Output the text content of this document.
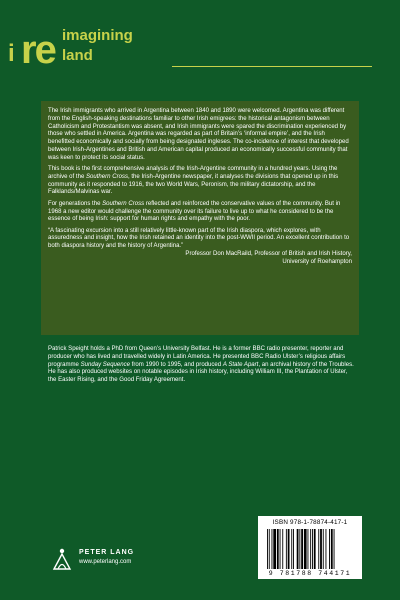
i re imagining
land

The Irish immigrants who arrived in Argentina between 1840 and 1890 were welcomed. Argentina was different from the English-speaking destinations familiar to other Irish emigrees: the historical antagonism between Catholicism and Protestantism was absent, and Irish immigrants were spared the discrimination experienced by those who settled in America. Argentina was regarded as part of Britain’s ‘informal empire’, and the Irish benefitted economically and socially from being designated ingleses. The co-incidence of interest that developed between Irish-Argentines and British and American capital produced an economically successful community that was keen to protect its social status.

This book is the first comprehensive analysis of the Irish-Argentine community in a hundred years. Using the archive of the Southern Cross, the Irish-Argentine newspaper, it analyses the divisions that opened up in this community as it responded to 1916, the two World Wars, Peronism, the military dictatorship, and the Falklands/Malvinas war.

For generations the Southern Cross reflected and reinforced the conservative values of the community. But in 1968 a new editor would challenge the community over its failure to live up to what he considered to be the essence of being Irish: support for human rights and empathy with the poor.

“A fascinating excursion into a still relatively little-known part of the Irish diaspora, which explores, with assuredness and insight, how the Irish retained an identity into the post-WWII period. An excellent contribution to both diaspora history and the history of Argentina.”

Professor Don MacRaild, Professor of British and Irish History,
University of Roehampton

Patrick Speight holds a PhD from Queen’s University Belfast. He is a former BBC radio presenter, reporter and producer who has lived and travelled widely in Latin America. He presented BBC Radio Ulster’s religious affairs programme Sunday Sequence from 1990 to 1995, and produced A State Apart, an archival history of the Troubles. He has also produced websites on notable episodes in Irish history, including William III, the Plantation of Ulster, the Easter Rising, and the Good Friday Agreement.

PETER LANG
www.peterlang.com
ISBN 978-1-78874-417-1
9 781788 744171
